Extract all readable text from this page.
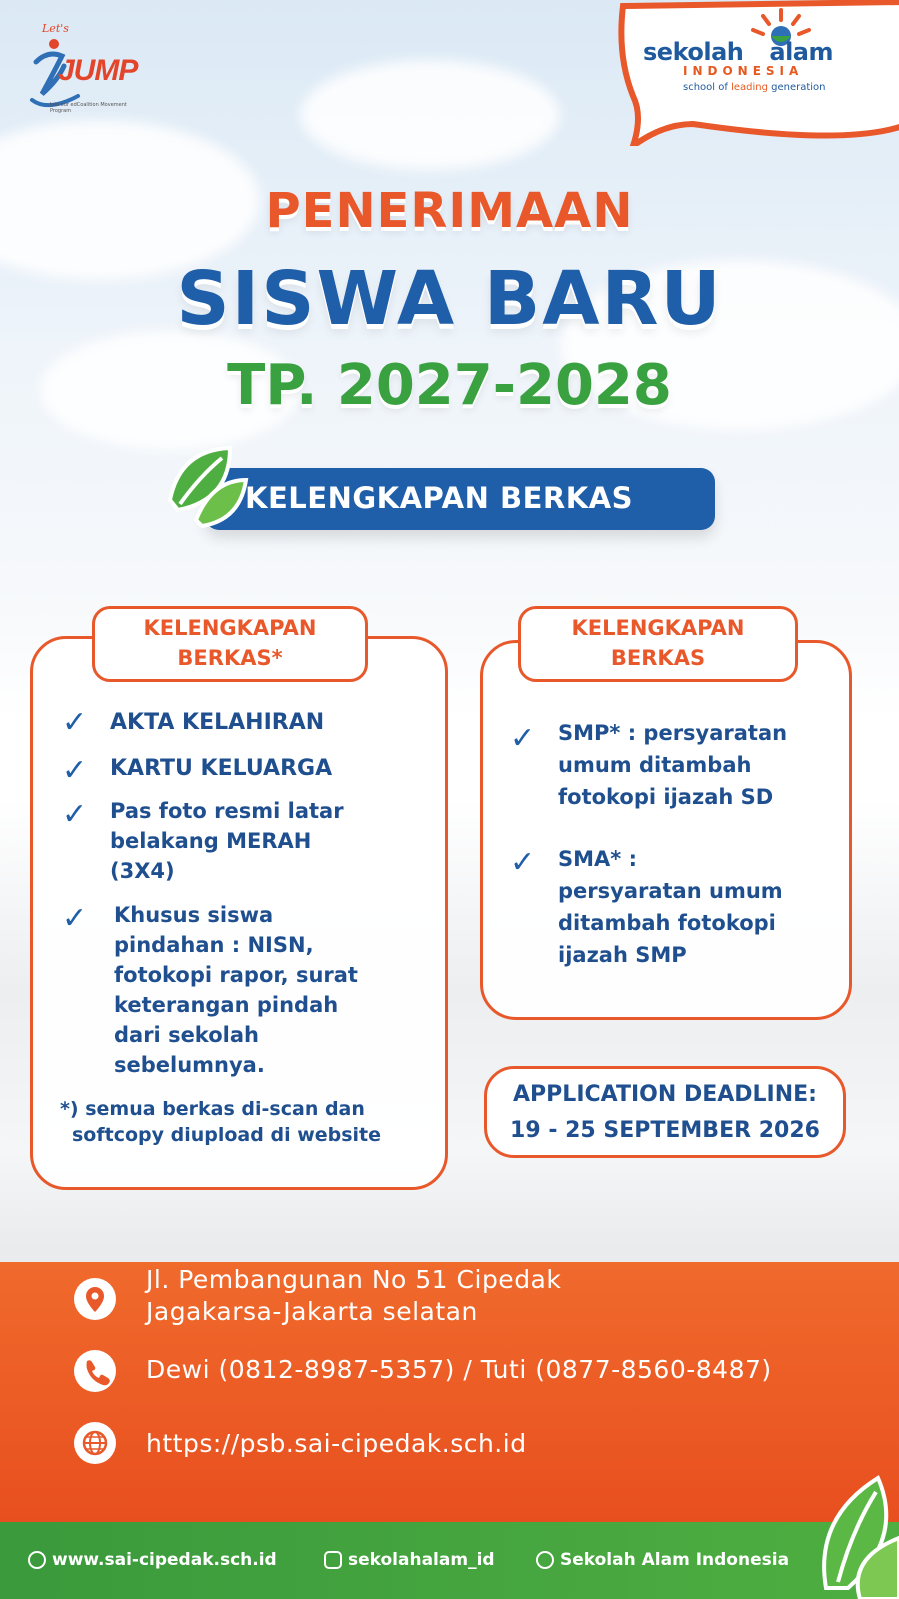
Let's
JUMP
Join our edCoalition Movement Program
sekolah alam
INDONESIA
school of leading generation
PENERIMAAN
SISWA BARU
TP. 2027-2028
KELENGKAPAN BERKAS
KELENGKAPAN
BERKAS*
✓ AKTA KELAHIRAN
✓ KARTU KELUARGA
✓ Pas foto resmi latar
belakang MERAH
(3X4)
✓ Khusus siswa
pindahan : NISN,
fotokopi rapor, surat
keterangan pindah
dari sekolah
sebelumnya.
*) semua berkas di-scan dan
softcopy diupload di website
KELENGKAPAN
BERKAS
✓ SMP* : persyaratan
umum ditambah
fotokopi ijazah SD
✓ SMA* :
persyaratan umum
ditambah fotokopi
ijazah SMP
APPLICATION DEADLINE:
19 - 25 SEPTEMBER 2026
Jl. Pembangunan No 51 Cipedak
Jagakarsa-Jakarta selatan
Dewi (0812-8987-5357) / Tuti (0877-8560-8487)
https://psb.sai-cipedak.sch.id
www.sai-cipedak.sch.id	sekolahalam_id	Sekolah Alam Indonesia
